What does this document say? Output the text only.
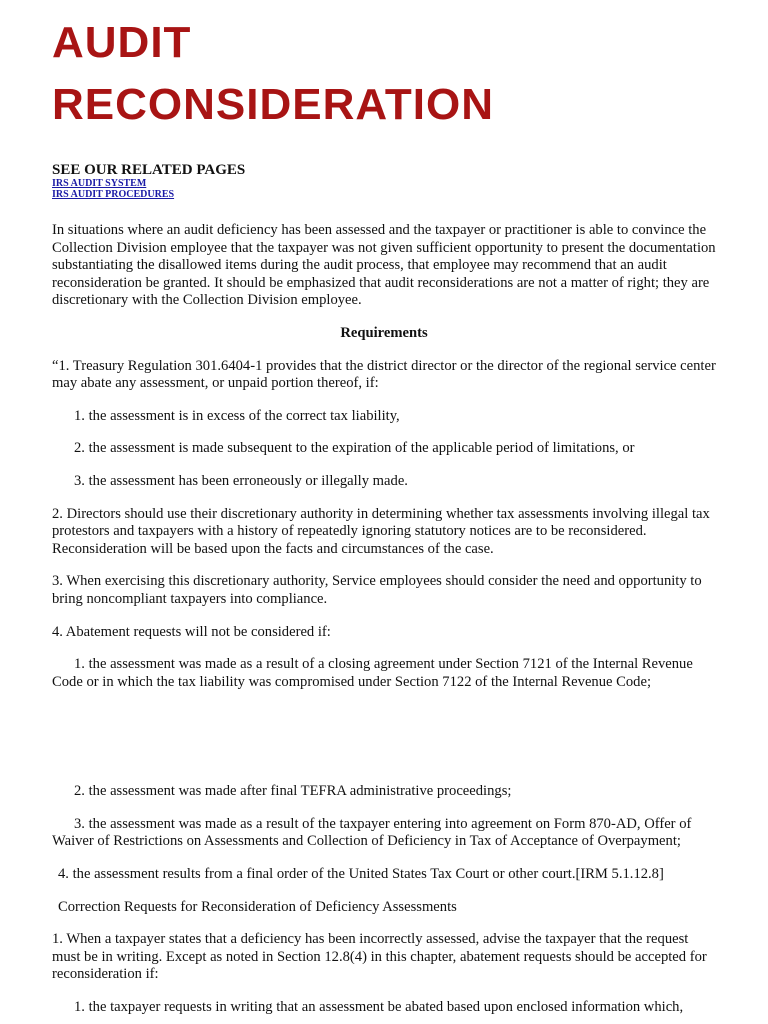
AUDIT
RECONSIDERATION

SEE OUR RELATED PAGES

IRS AUDIT SYSTEM
IRS AUDIT PROCEDURES

In situations where an audit deficiency has been assessed and the taxpayer or practitioner is able to convince the Collection Division employee that the taxpayer was not given sufficient opportunity to present the documentation substantiating the disallowed items during the audit process, that employee may recommend that an audit reconsideration be granted. It should be emphasized that audit reconsiderations are not a matter of right; they are discretionary with the Collection Division employee.

Requirements

“1. Treasury Regulation 301.6404-1 provides that the district director or the director of the regional service center may abate any assessment, or unpaid portion thereof, if:

1. the assessment is in excess of the correct tax liability,

2. the assessment is made subsequent to the expiration of the applicable period of limitations, or

3. the assessment has been erroneously or illegally made.

2. Directors should use their discretionary authority in determining whether tax assessments involving illegal tax protestors and taxpayers with a history of repeatedly ignoring statutory notices are to be reconsidered. Reconsideration will be based upon the facts and circumstances of the case.

3. When exercising this discretionary authority, Service employees should consider the need and opportunity to bring noncompliant taxpayers into compliance.

4. Abatement requests will not be considered if:

1. the assessment was made as a result of a closing agreement under Section 7121 of the Internal Revenue Code or in which the tax liability was compromised under Section 7122 of the Internal Revenue Code;

2. the assessment was made after final TEFRA administrative proceedings;

3. the assessment was made as a result of the taxpayer entering into agreement on Form 870-AD, Offer of Waiver of Restrictions on Assessments and Collection of Deficiency in Tax of Acceptance of Overpayment;

4. the assessment results from a final order of the United States Tax Court or other court.[IRM 5.1.12.8]

Correction Requests for Reconsideration of Deficiency Assessments

1. When a taxpayer states that a deficiency has been incorrectly assessed, advise the taxpayer that the request must be in writing. Except as noted in Section 12.8(4) in this chapter, abatement requests should be accepted for reconsideration if:

1. the taxpayer requests in writing that an assessment be abated based upon enclosed information which,
